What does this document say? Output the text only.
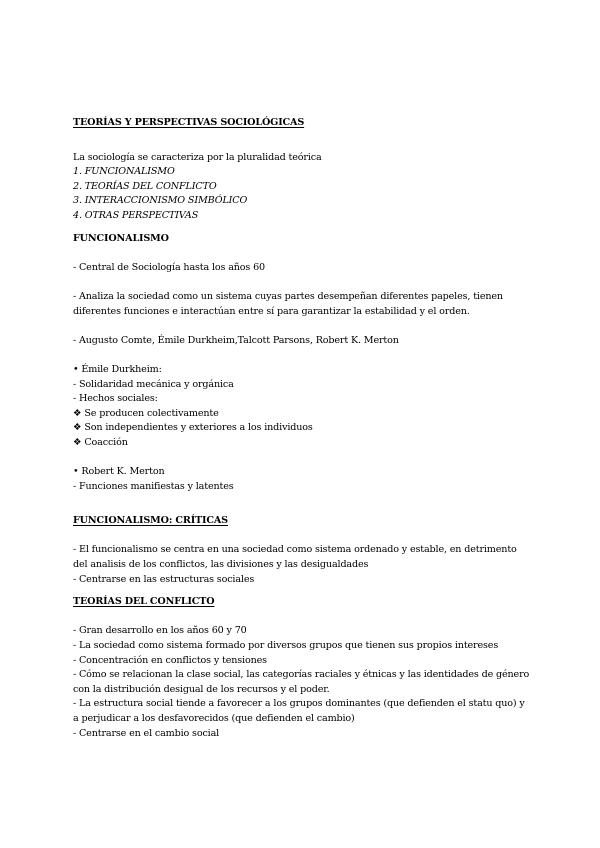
TEORÍAS Y PERSPECTIVAS SOCIOLÓGICAS
La sociología se caracteriza por la pluralidad teórica
1. FUNCIONALISMO
2. TEORÍAS DEL CONFLICTO
3. INTERACCIONISMO SIMBÓLICO
4. OTRAS PERSPECTIVAS
FUNCIONALISMO
- Central de Sociología hasta los años 60
- Analiza la sociedad como un sistema cuyas partes desempeñan diferentes papeles, tienen diferentes funciones e interactúan entre sí para garantizar la estabilidad y el orden.
- Augusto Comte, Émile Durkheim,Talcott Parsons, Robert K. Merton
• Émile Durkheim:
- Solidaridad mecánica y orgánica
- Hechos sociales:
❖ Se producen colectivamente
❖ Son independientes y exteriores a los individuos
❖ Coacción
• Robert K. Merton
- Funciones manifiestas y latentes
FUNCIONALISMO: CRÍTICAS
- El funcionalismo se centra en una sociedad como sistema ordenado y estable, en detrimento del analisis de los conflictos, las divisiones y las desigualdades
- Centrarse en las estructuras sociales
TEORÍAS DEL CONFLICTO
- Gran desarrollo en los años 60 y 70
- La sociedad como sistema formado por diversos grupos que tienen sus propios intereses
- Concentración en conflictos y tensiones
- Cómo se relacionan la clase social, las categorías raciales y étnicas y las identidades de género con la distribución desigual de los recursos y el poder.
- La estructura social tiende a favorecer a los grupos dominantes (que defienden el statu quo) y a perjudicar a los desfavorecidos (que defienden el cambio)
- Centrarse en el cambio social
